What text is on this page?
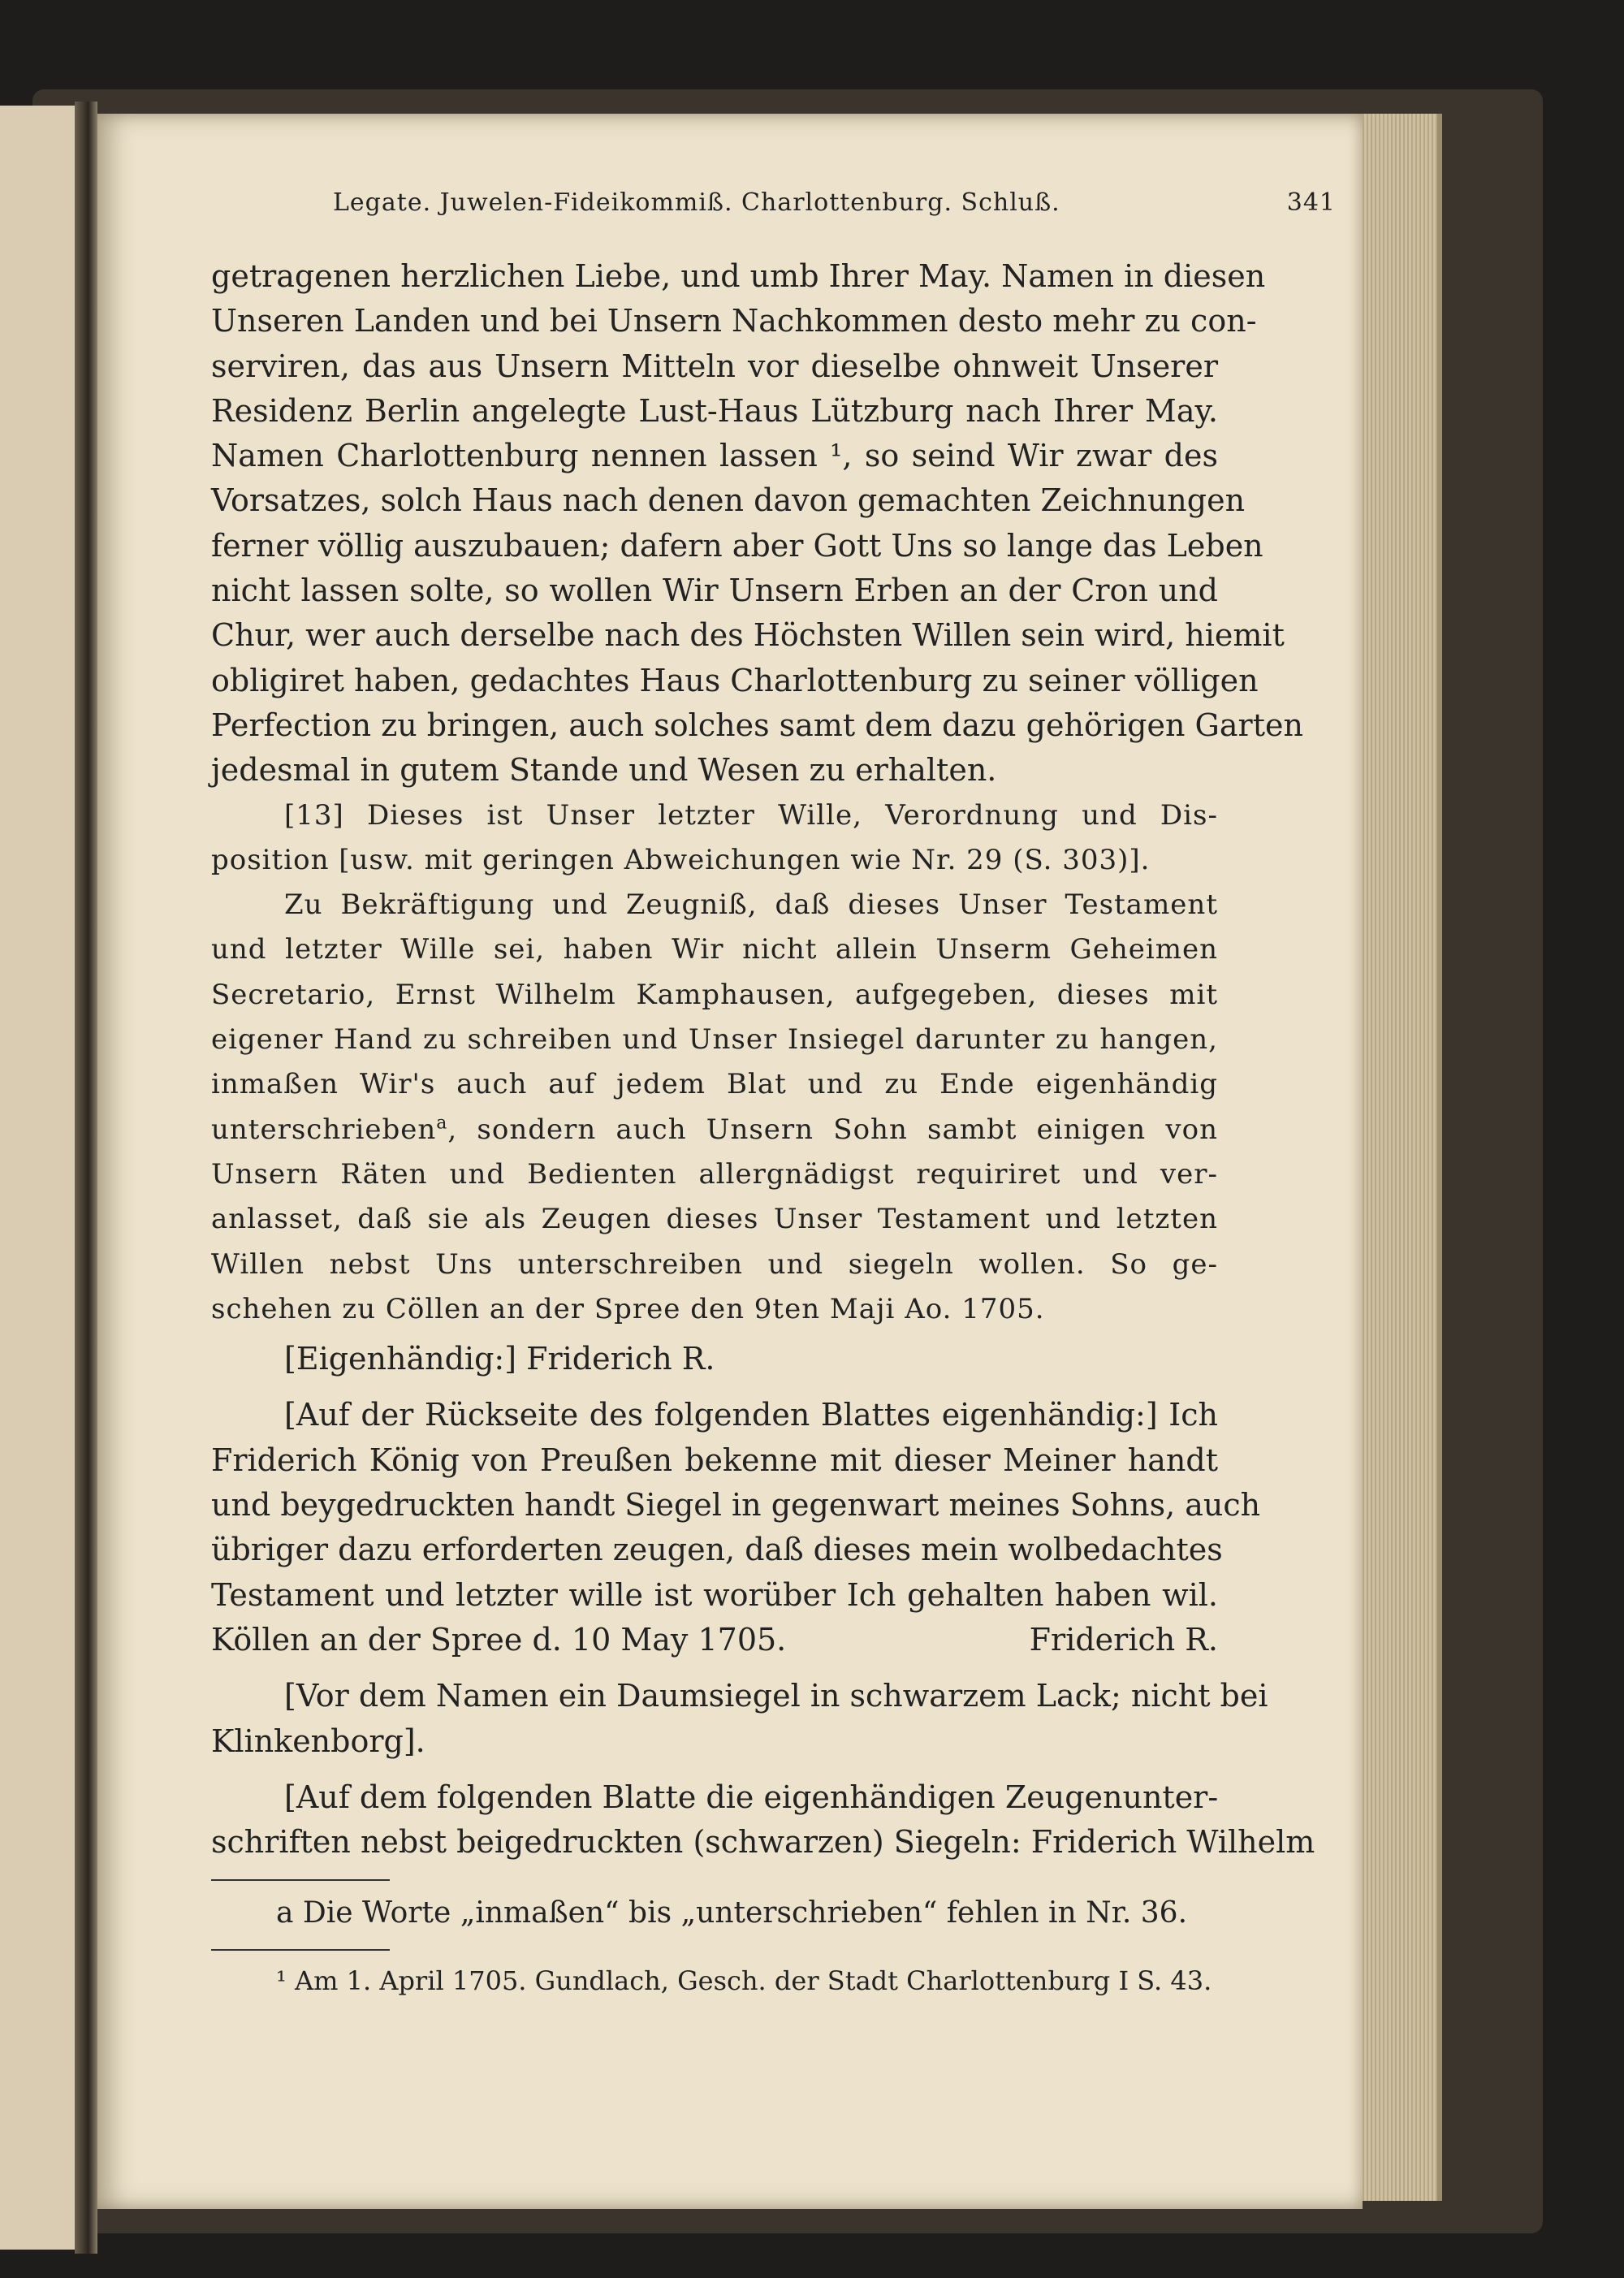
Legate. Juwelen-Fideikommiß. Charlottenburg. Schluß.	341

getragenen herzlichen Liebe, und umb Ihrer May. Namen in diesen

Unseren Landen und bei Unsern Nachkommen desto mehr zu con-

serviren, das aus Unsern Mitteln vor dieselbe ohnweit Unserer

Residenz Berlin angelegte Lust-Haus Lützburg nach Ihrer May.

Namen Charlottenburg nennen lassen ¹, so seind Wir zwar des

Vorsatzes, solch Haus nach denen davon gemachten Zeichnungen

ferner völlig auszubauen; dafern aber Gott Uns so lange das Leben

nicht lassen solte, so wollen Wir Unsern Erben an der Cron und

Chur, wer auch derselbe nach des Höchsten Willen sein wird, hiemit

obligiret haben, gedachtes Haus Charlottenburg zu seiner völligen

Perfection zu bringen, auch solches samt dem dazu gehörigen Garten

jedesmal in gutem Stande und Wesen zu erhalten.

[13] Dieses ist Unser letzter Wille, Verordnung und Dis-

position [usw. mit geringen Abweichungen wie Nr. 29 (S. 303)].

Zu Bekräftigung und Zeugniß, daß dieses Unser Testament

und letzter Wille sei, haben Wir nicht allein Unserm Geheimen

Secretario, Ernst Wilhelm Kamphausen, aufgegeben, dieses mit

eigener Hand zu schreiben und Unser Insiegel darunter zu hangen,

inmaßen Wir's auch auf jedem Blat und zu Ende eigenhändig

unterschrieben$^a$, sondern auch Unsern Sohn sambt einigen von

Unsern Räten und Bedienten allergnädigst requiriret und ver-

anlasset, daß sie als Zeugen dieses Unser Testament und letzten

Willen nebst Uns unterschreiben und siegeln wollen. So ge-

schehen zu Cöllen an der Spree den 9ten Maji Ao. 1705.

[Eigenhändig:] Friderich R.

[Auf der Rückseite des folgenden Blattes eigenhändig:] Ich

Friderich König von Preußen bekenne mit dieser Meiner handt

und beygedruckten handt Siegel in gegenwart meines Sohns, auch

übriger dazu erforderten zeugen, daß dieses mein wolbedachtes

Testament und letzter wille ist worüber Ich gehalten haben wil.

Köllen an der Spree d. 10 May 1705.	Friderich R.

[Vor dem Namen ein Daumsiegel in schwarzem Lack; nicht bei

Klinkenborg].

[Auf dem folgenden Blatte die eigenhändigen Zeugenunter-

schriften nebst beigedruckten (schwarzen) Siegeln: Friderich Wilhelm

a Die Worte „inmaßen“ bis „unterschrieben“ fehlen in Nr. 36.
¹ Am 1. April 1705. Gundlach, Gesch. der Stadt Charlottenburg I S. 43.
